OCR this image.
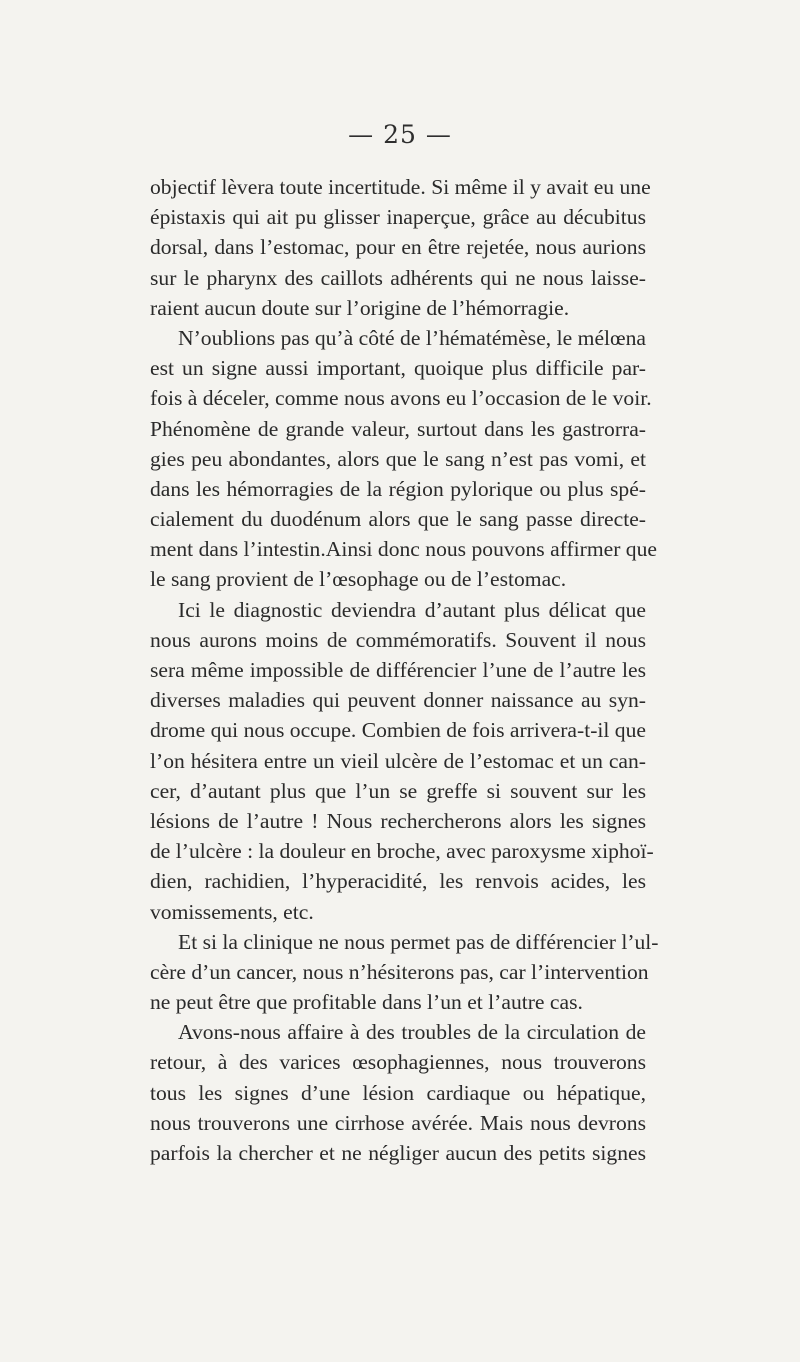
— 25 —
objectif lèvera toute incertitude. Si même il y avait eu une
épistaxis qui ait pu glisser inaperçue, grâce au décubitus
dorsal, dans l’estomac, pour en être rejetée, nous aurions
sur le pharynx des caillots adhérents qui ne nous laisse-
raient aucun doute sur l’origine de l’hémorragie.
N’oublions pas qu’à côté de l’hématémèse, le mélœna
est un signe aussi important, quoique plus difficile par-
fois à déceler, comme nous avons eu l’occasion de le voir.
Phénomène de grande valeur, surtout dans les gastrorra-
gies peu abondantes, alors que le sang n’est pas vomi, et
dans les hémorragies de la région pylorique ou plus spé-
cialement du duodénum alors que le sang passe directe-
ment dans l’intestin.Ainsi donc nous pouvons affirmer que
le sang provient de l’œsophage ou de l’estomac.
Ici le diagnostic deviendra d’autant plus délicat que
nous aurons moins de commémoratifs. Souvent il nous
sera même impossible de différencier l’une de l’autre les
diverses maladies qui peuvent donner naissance au syn-
drome qui nous occupe. Combien de fois arrivera-t-il que
l’on hésitera entre un vieil ulcère de l’estomac et un can-
cer, d’autant plus que l’un se greffe si souvent sur les
lésions de l’autre ! Nous rechercherons alors les signes
de l’ulcère : la douleur en broche, avec paroxysme xiphoï-
dien, rachidien, l’hyperacidité, les renvois acides, les
vomissements, etc.
Et si la clinique ne nous permet pas de différencier l’ul-
cère d’un cancer, nous n’hésiterons pas, car l’intervention
ne peut être que profitable dans l’un et l’autre cas.
Avons-nous affaire à des troubles de la circulation de
retour, à des varices œsophagiennes, nous trouverons
tous les signes d’une lésion cardiaque ou hépatique,
nous trouverons une cirrhose avérée. Mais nous devrons
parfois la chercher et ne négliger aucun des petits signes
